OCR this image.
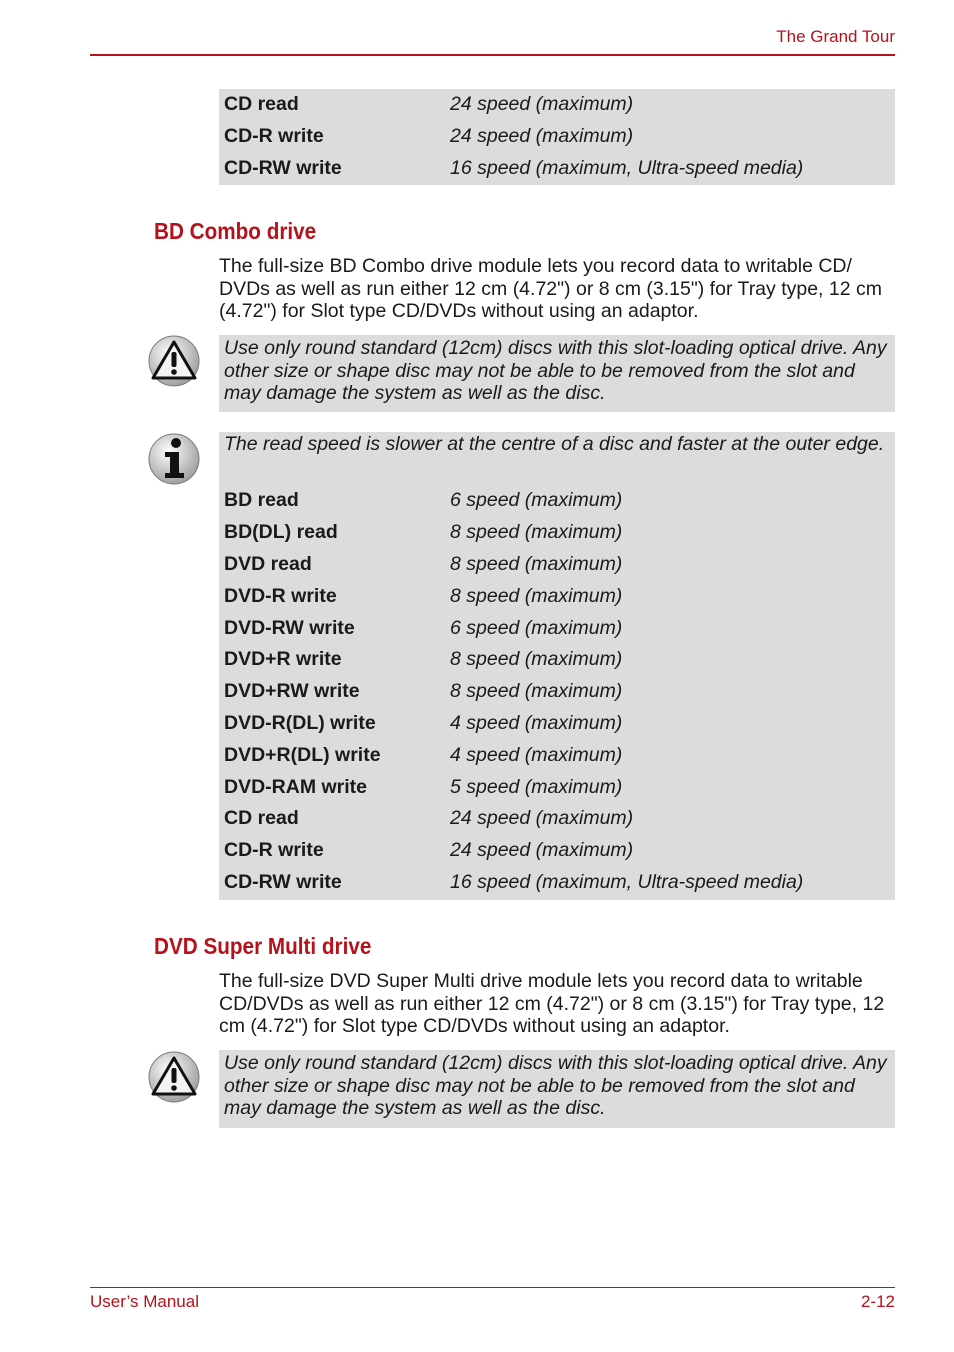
The Grand Tour
CD read	24 speed (maximum)
CD-R write	24 speed (maximum)
CD-RW write	16 speed (maximum, Ultra-speed media)
BD Combo drive
The full-size BD Combo drive module lets you record data to writable CD/ DVDs as well as run either 12 cm (4.72") or 8 cm (3.15") for Tray type, 12 cm (4.72") for Slot type CD/DVDs without using an adaptor.
Use only round standard (12cm) discs with this slot-loading optical drive. Any other size or shape disc may not be able to be removed from the slot and may damage the system as well as the disc.
The read speed is slower at the centre of a disc and faster at the outer edge.
BD read	6 speed (maximum)
BD(DL) read	8 speed (maximum)
DVD read	8 speed (maximum)
DVD-R write	8 speed (maximum)
DVD-RW write	6 speed (maximum)
DVD+R write	8 speed (maximum)
DVD+RW write	8 speed (maximum)
DVD-R(DL) write	4 speed (maximum)
DVD+R(DL) write	4 speed (maximum)
DVD-RAM write	5 speed (maximum)
CD read	24 speed (maximum)
CD-R write	24 speed (maximum)
CD-RW write	16 speed (maximum, Ultra-speed media)
DVD Super Multi drive
The full-size DVD Super Multi drive module lets you record data to writable CD/DVDs as well as run either 12 cm (4.72") or 8 cm (3.15") for Tray type, 12 cm (4.72") for Slot type CD/DVDs without using an adaptor.
Use only round standard (12cm) discs with this slot-loading optical drive. Any other size or shape disc may not be able to be removed from the slot and may damage the system as well as the disc.
User’s Manual	2-12
